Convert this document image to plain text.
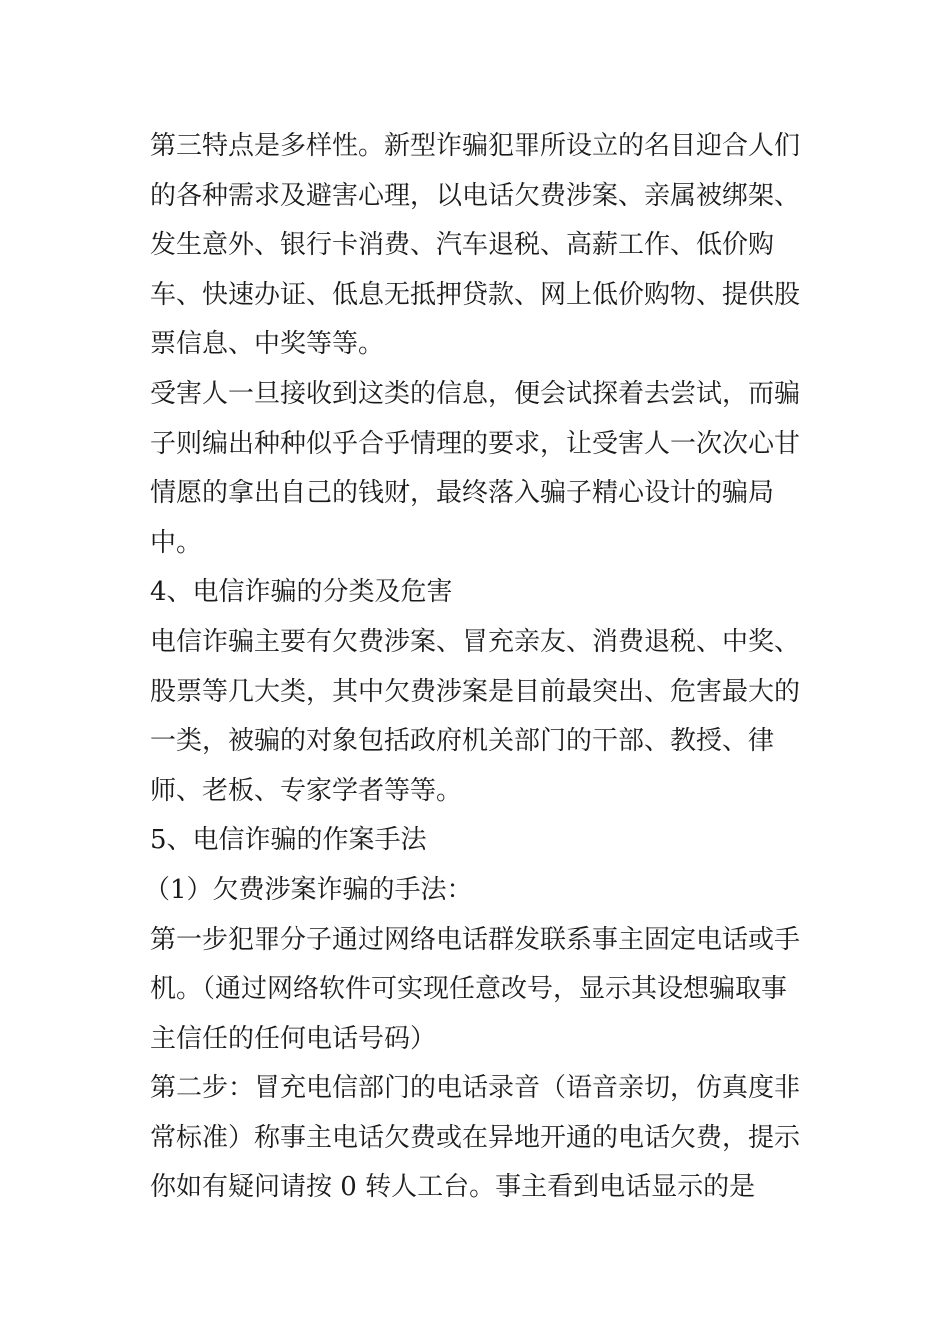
第三特点是多样性。新型诈骗犯罪所设立的名目迎合人们
的各种需求及避害心理，以电话欠费涉案、亲属被绑架、
发生意外、银行卡消费、汽车退税、高薪工作、低价购
车、快速办证、低息无抵押贷款、网上低价购物、提供股
票信息、中奖等等。
受害人一旦接收到这类的信息，便会试探着去尝试，而骗
子则编出种种似乎合乎情理的要求，让受害人一次次心甘
情愿的拿出自己的钱财，最终落入骗子精心设计的骗局
中。
4、电信诈骗的分类及危害
电信诈骗主要有欠费涉案、冒充亲友、消费退税、中奖、
股票等几大类，其中欠费涉案是目前最突出、危害最大的
一类，被骗的对象包括政府机关部门的干部、教授、律
师、老板、专家学者等等。
5、电信诈骗的作案手法
（1）欠费涉案诈骗的手法：
第一步犯罪分子通过网络电话群发联系事主固定电话或手
机。（通过网络软件可实现任意改号，显示其设想骗取事
主信任的任何电话号码）
第二步：冒充电信部门的电话录音（语音亲切，仿真度非
常标准）称事主电话欠费或在异地开通的电话欠费，提示
你如有疑问请按 0 转人工台。事主看到电话显示的是
